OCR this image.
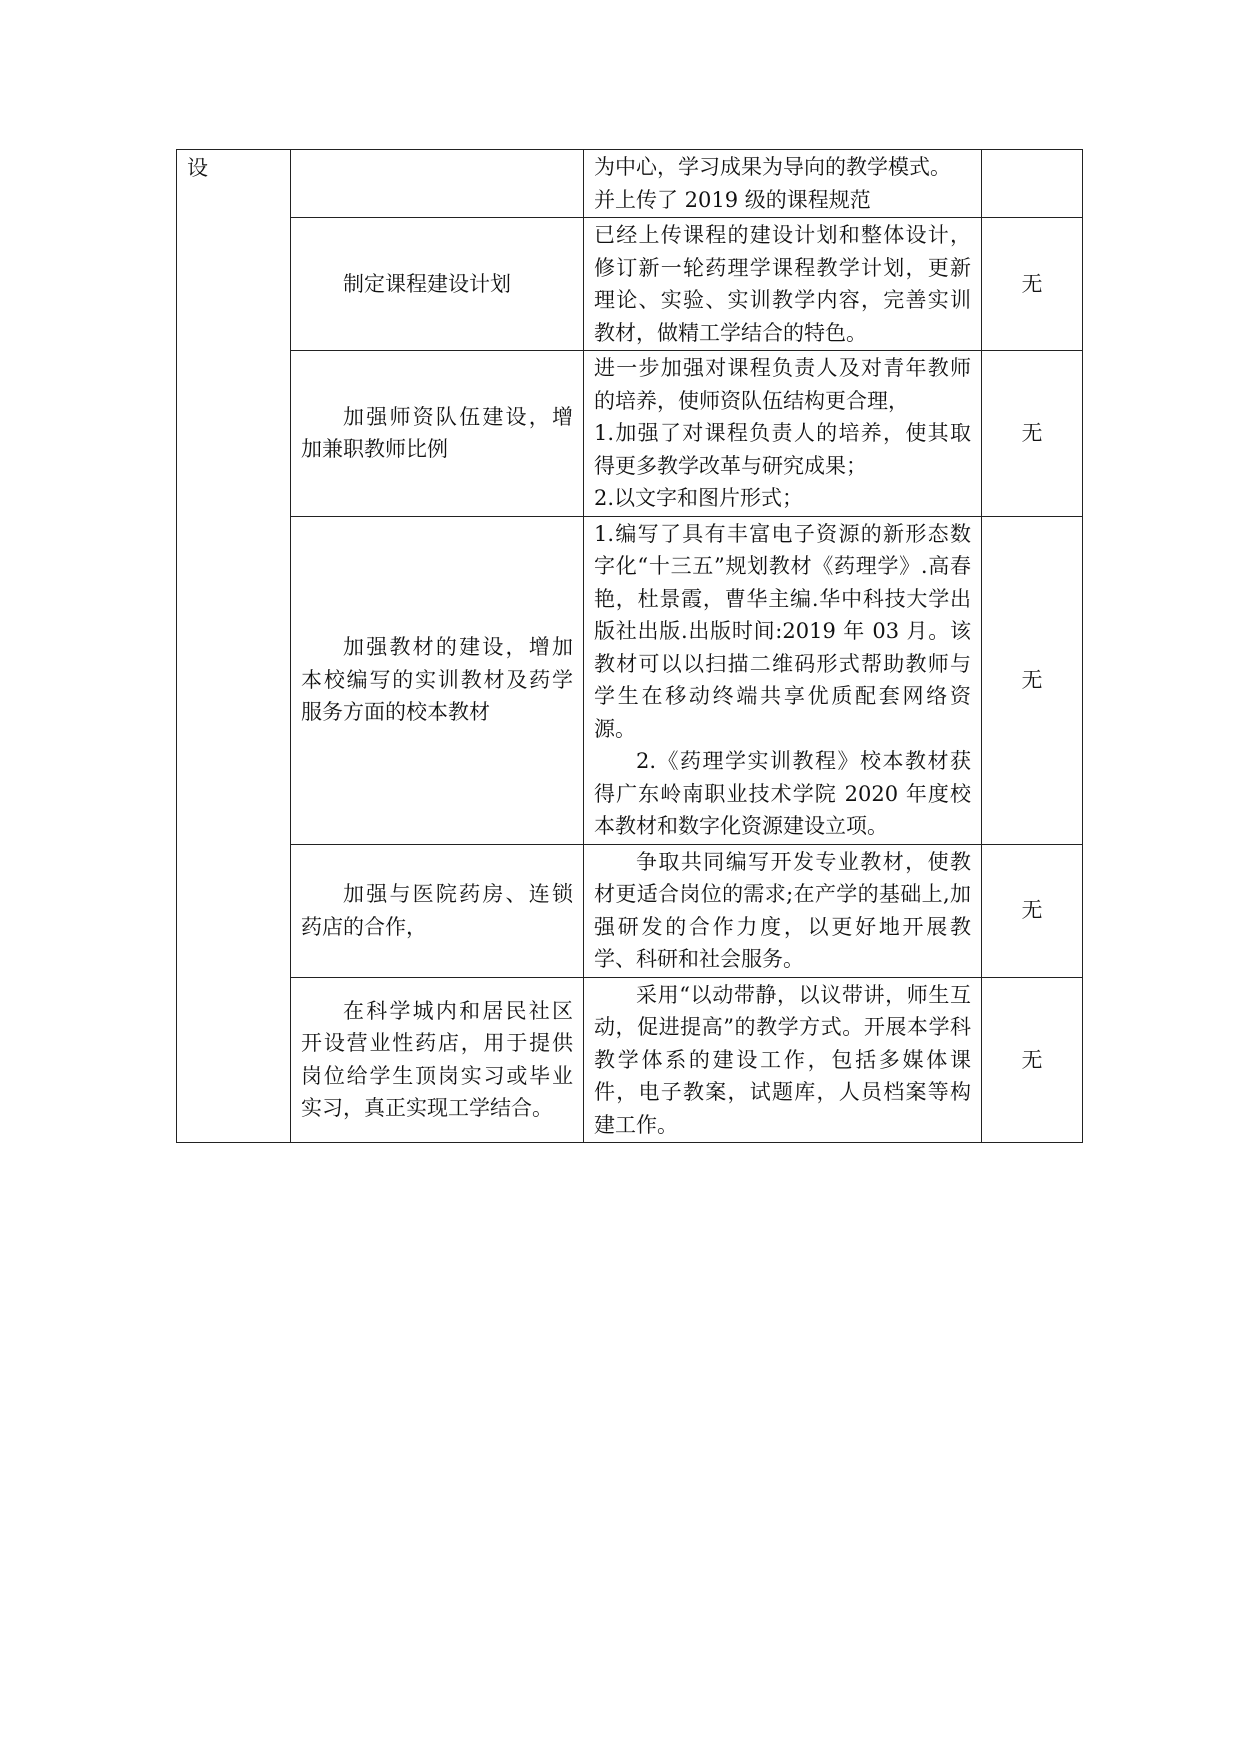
设		为中心，学习成果为导向的教学模式。
并上传了 2019 级的课程规范	

	制定课程建设计划	已经上传课程的建设计划和整体设计，修订新一轮药理学课程教学计划，更新理论、实验、实训教学内容，完善实训教材，做精工学结合的特色。	无

	加强师资队伍建设，增加兼职教师比例	进一步加强对课程负责人及对青年教师的培养，使师资队伍结构更合理，
1.加强了对课程负责人的培养，使其取得更多教学改革与研究成果；
2.以文字和图片形式；	无

	加强教材的建设，增加本校编写的实训教材及药学服务方面的校本教材	1.编写了具有丰富电子资源的新形态数字化“十三五”规划教材《药理学》.高春艳，杜景霞，曹华主编.华中科技大学出版社出版.出版时间:2019 年 03 月。该教材可以以扫描二维码形式帮助教师与学生在移动终端共享优质配套网络资源。
2.《药理学实训教程》校本教材获得广东岭南职业技术学院 2020 年度校本教材和数字化资源建设立项。	无

	加强与医院药房、连锁药店的合作，	争取共同编写开发专业教材，使教材更适合岗位的需求;在产学的基础上,加强研发的合作力度，以更好地开展教学、科研和社会服务。	无

	在科学城内和居民社区开设营业性药店，用于提供岗位给学生顶岗实习或毕业实习，真正实现工学结合。	采用“以动带静，以议带讲，师生互动，促进提高”的教学方式。开展本学科教学体系的建设工作，包括多媒体课件，电子教案，试题库，人员档案等构建工作。	无
